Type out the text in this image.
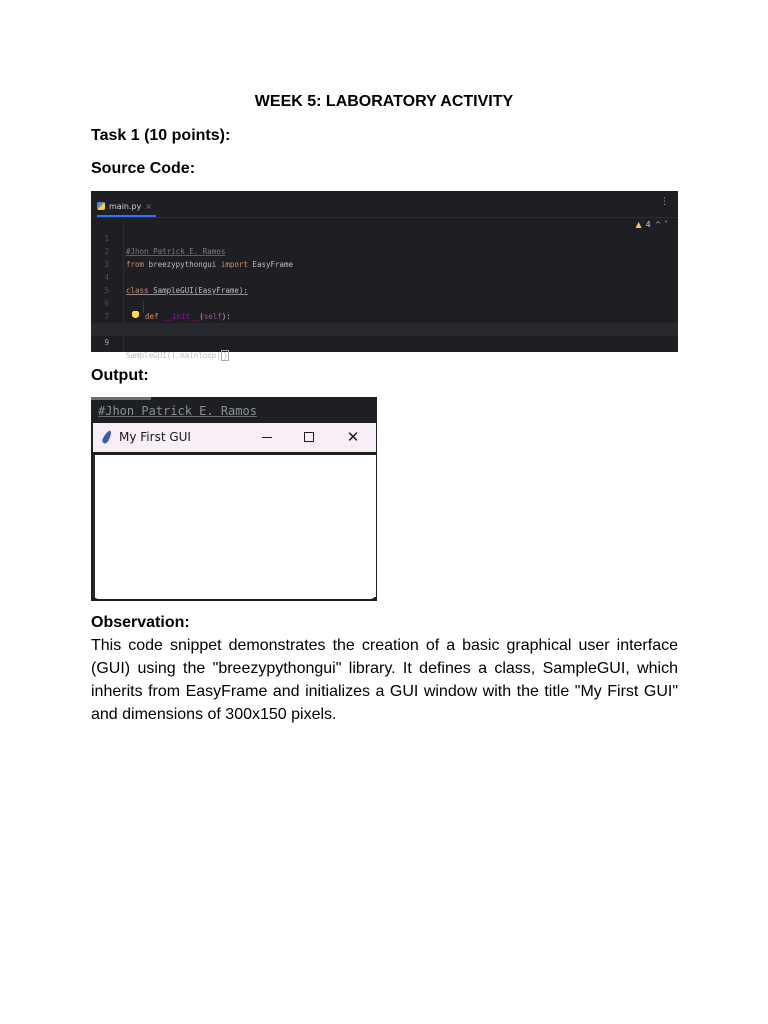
WEEK 5: LABORATORY ACTIVITY
Task 1 (10 points):
Source Code:
main.py ×	⋮
▲ 4 ^ ˅

1

#Jhon Patrick E. Ramos

2

from breezypythongui import EasyFrame

3

4

class SampleGUI(EasyFrame):

5

6

def __init__(self):

7

9

SampleGUI().mainloop( )

Output:
#Jhon Patrick E. Ramos
My First GUI	✕
Observation:
This code snippet demonstrates the creation of a basic graphical user interface (GUI) using the "breezypythongui" library. It defines a class, SampleGUI, which inherits from EasyFrame and initializes a GUI window with the title "My First GUI" and dimensions of 300x150 pixels.
